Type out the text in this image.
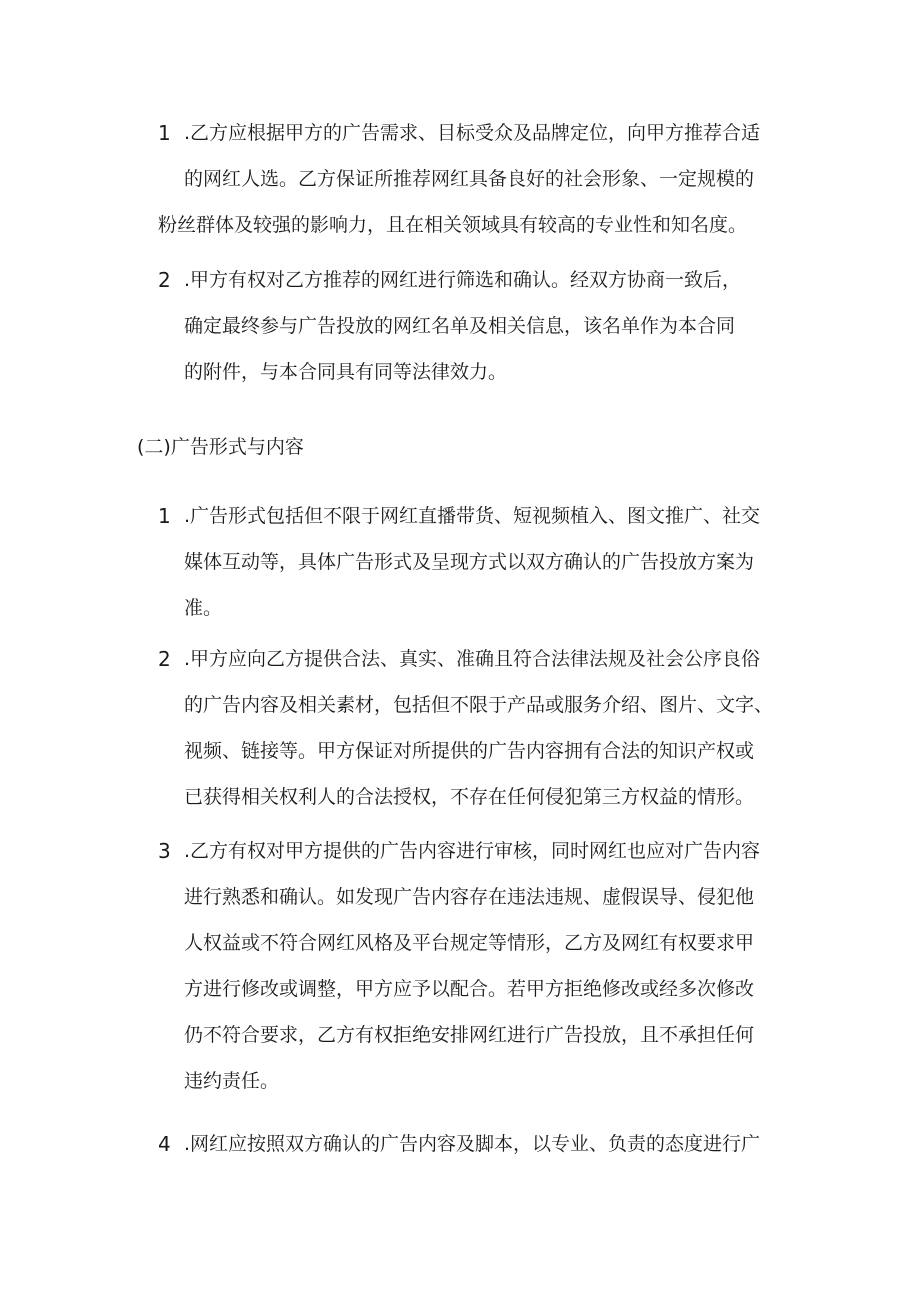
1 .乙方应根据甲方的广告需求、目标受众及品牌定位，向甲方推荐合适
的网红人选。乙方保证所推荐网红具备良好的社会形象、一定规模的
粉丝群体及较强的影响力，且在相关领域具有较高的专业性和知名度。
2 .甲方有权对乙方推荐的网红进行筛选和确认。经双方协商一致后，
确定最终参与广告投放的网红名单及相关信息，该名单作为本合同
的附件，与本合同具有同等法律效力。
(二)广告形式与内容
1 .广告形式包括但不限于网红直播带货、短视频植入、图文推广、社交
媒体互动等，具体广告形式及呈现方式以双方确认的广告投放方案为
准。
2 .甲方应向乙方提供合法、真实、准确且符合法律法规及社会公序良俗
的广告内容及相关素材，包括但不限于产品或服务介绍、图片、文字、
视频、链接等。甲方保证对所提供的广告内容拥有合法的知识产权或
已获得相关权利人的合法授权，不存在任何侵犯第三方权益的情形。
3 .乙方有权对甲方提供的广告内容进行审核，同时网红也应对广告内容
进行熟悉和确认。如发现广告内容存在违法违规、虚假误导、侵犯他
人权益或不符合网红风格及平台规定等情形，乙方及网红有权要求甲
方进行修改或调整，甲方应予以配合。若甲方拒绝修改或经多次修改
仍不符合要求，乙方有权拒绝安排网红进行广告投放，且不承担任何
违约责任。
4 .网红应按照双方确认的广告内容及脚本，以专业、负责的态度进行广
